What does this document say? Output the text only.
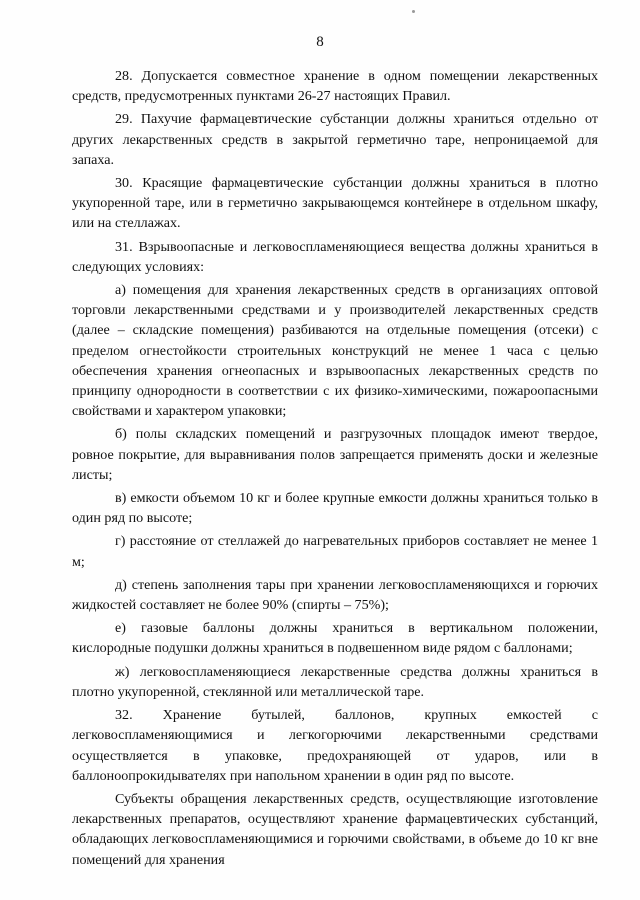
8

28. Допускается совместное хранение в одном помещении лекарственных средств, предусмотренных пунктами 26-27 настоящих Правил.

29. Пахучие фармацевтические субстанции должны храниться отдельно от других лекарственных средств в закрытой герметично таре, непроницаемой для запаха.

30. Красящие фармацевтические субстанции должны храниться в плотно укупоренной таре, или в герметично закрывающемся контейнере в отдельном шкафу, или на стеллажах.

31. Взрывоопасные и легковоспламеняющиеся вещества должны храниться в следующих условиях:

а) помещения для хранения лекарственных средств в организациях оптовой торговли лекарственными средствами и у производителей лекарственных средств (далее – складские помещения) разбиваются на отдельные помещения (отсеки) с пределом огнестойкости строительных конструкций не менее 1 часа с целью обеспечения хранения огнеопасных и взрывоопасных лекарственных средств по принципу однородности в соответствии с их физико-химическими, пожароопасными свойствами и характером упаковки;

б) полы складских помещений и разгрузочных площадок имеют твердое, ровное покрытие, для выравнивания полов запрещается применять доски и железные листы;

в) емкости объемом 10 кг и более крупные емкости должны храниться только в один ряд по высоте;

г) расстояние от стеллажей до нагревательных приборов составляет не менее 1 м;

д) степень заполнения тары при хранении легковоспламеняющихся и горючих жидкостей составляет не более 90% (спирты – 75%);

е) газовые баллоны должны храниться в вертикальном положении, кислородные подушки должны храниться в подвешенном виде рядом с баллонами;

ж) легковоспламеняющиеся лекарственные средства должны храниться в плотно укупоренной, стеклянной или металлической таре.

32. Хранение бутылей, баллонов, крупных емкостей с легковоспламеняющимися и легкогорючими лекарственными средствами осуществляется в упаковке, предохраняющей от ударов, или в баллоноопрокидывателях при напольном хранении в один ряд по высоте.

Субъекты обращения лекарственных средств, осуществляющие изготовление лекарственных препаратов, осуществляют хранение фармацевтических субстанций, обладающих легковоспламеняющимися и горючими свойствами, в объеме до 10 кг вне помещений для хранения
